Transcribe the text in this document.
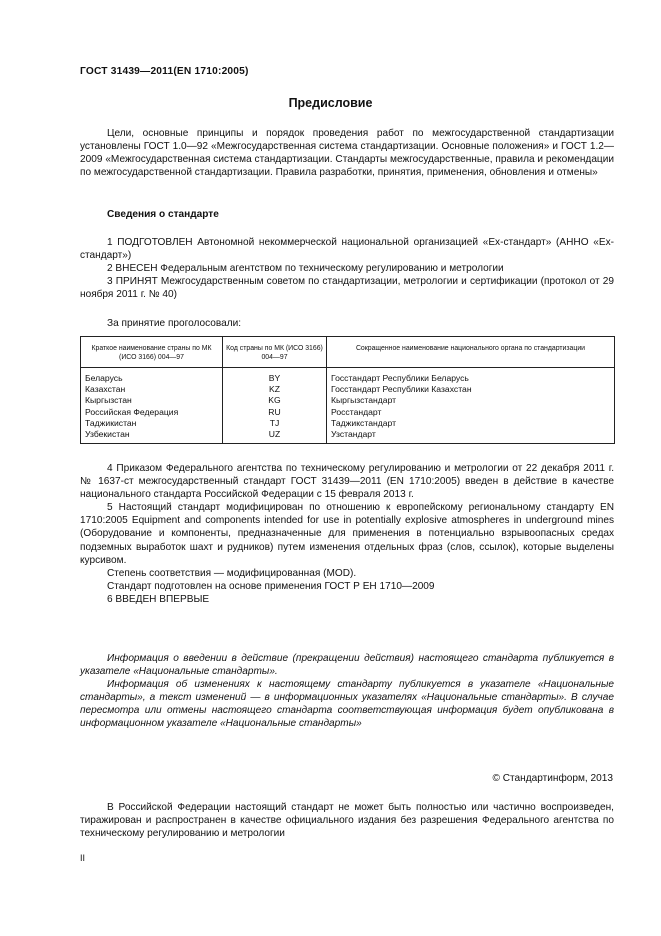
ГОСТ 31439—2011(EN 1710:2005)
Предисловие

Цели, основные принципы и порядок проведения работ по межгосударственной стандартизации установлены ГОСТ 1.0—92 «Межгосударственная система стандартизации. Основные положения» и ГОСТ 1.2—2009 «Межгосударственная система стандартизации. Стандарты межгосударственные, правила и рекомендации по межгосударственной стандартизации. Правила разработки, принятия, применения, обновления и отмены»

Сведения о стандарте

1 ПОДГОТОВЛЕН Автономной некоммерческой национальной организацией «Ех-стандарт» (АННО «Ех-стандарт»)

2 ВНЕСЕН Федеральным агентством по техническому регулированию и метрологии

3 ПРИНЯТ Межгосударственным советом по стандартизации, метрологии и сертификации (протокол от 29 ноября 2011 г. № 40)

За принятие проголосовали:
Краткое наименование страны по МК (ИСО 3166) 004—97	Код страны по МК (ИСО 3166) 004—97	Сокращенное наименование национального органа по стандартизации
Беларусь	BY	Госстандарт Республики Беларусь
Казахстан	KZ	Госстандарт Республики Казахстан
Кыргызстан	KG	Кыргызстандарт
Российская Федерация	RU	Росстандарт
Таджикистан	TJ	Таджикстандарт
Узбекистан	UZ	Узстандарт

4 Приказом Федерального агентства по техническому регулированию и метрологии от 22 декабря 2011 г. № 1637-ст межгосударственный стандарт ГОСТ 31439—2011 (EN 1710:2005) введен в действие в качестве национального стандарта Российской Федерации с 15 февраля 2013 г.

5 Настоящий стандарт модифицирован по отношению к европейскому региональному стандарту EN 1710:2005 Equipment and components intended for use in potentially explosive atmospheres in underground mines (Оборудование и компоненты, предназначенные для применения в потенциально взрывоопасных средах подземных выработок шахт и рудников) путем изменения отдельных фраз (слов, ссылок), которые выделены курсивом.

Степень соответствия — модифицированная (MOD).

Стандарт подготовлен на основе применения ГОСТ Р ЕН 1710—2009

6 ВВЕДЕН ВПЕРВЫЕ

Информация о введении в действие (прекращении действия) настоящего стандарта публикуется в указателе «Национальные стандарты».

Информация об изменениях к настоящему стандарту публикуется в указателе «Национальные стандарты», а текст изменений — в информационных указателях «Национальные стандарты». В случае пересмотра или отмены настоящего стандарта соответствующая информация будет опубликована в информационном указателе «Национальные стандарты»

© Стандартинформ, 2013

В Российской Федерации настоящий стандарт не может быть полностью или частично воспроизведен, тиражирован и распространен в качестве официального издания без разрешения Федерального агентства по техническому регулированию и метрологии

II
